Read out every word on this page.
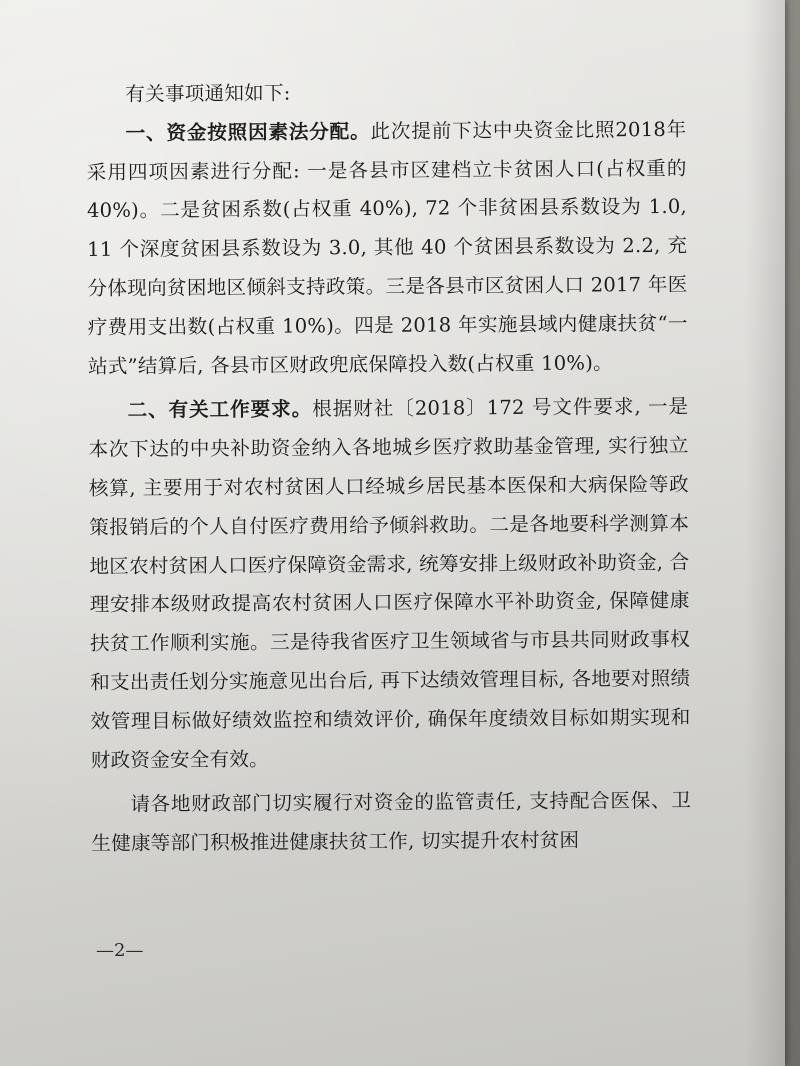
有关事项通知如下:

一、资金按照因素法分配。此次提前下达中央资金比照2018年采用四项因素进行分配: 一是各县市区建档立卡贫困人口(占权重的 40%)。二是贫困系数(占权重 40%), 72 个非贫困县系数设为 1.0, 11 个深度贫困县系数设为 3.0, 其他 40 个贫困县系数设为 2.2, 充分体现向贫困地区倾斜支持政策。三是各县市区贫困人口 2017 年医疗费用支出数(占权重 10%)。四是 2018 年实施县域内健康扶贫“一站式”结算后, 各县市区财政兜底保障投入数(占权重 10%)。

二、有关工作要求。根据财社〔2018〕172 号文件要求, 一是本次下达的中央补助资金纳入各地城乡医疗救助基金管理, 实行独立核算, 主要用于对农村贫困人口经城乡居民基本医保和大病保险等政策报销后的个人自付医疗费用给予倾斜救助。二是各地要科学测算本地区农村贫困人口医疗保障资金需求, 统筹安排上级财政补助资金, 合理安排本级财政提高农村贫困人口医疗保障水平补助资金, 保障健康扶贫工作顺利实施。三是待我省医疗卫生领域省与市县共同财政事权和支出责任划分实施意见出台后, 再下达绩效管理目标, 各地要对照绩效管理目标做好绩效监控和绩效评价, 确保年度绩效目标如期实现和财政资金安全有效。

请各地财政部门切实履行对资金的监管责任, 支持配合医保、卫生健康等部门积极推进健康扶贫工作, 切实提升农村贫困

—2—
